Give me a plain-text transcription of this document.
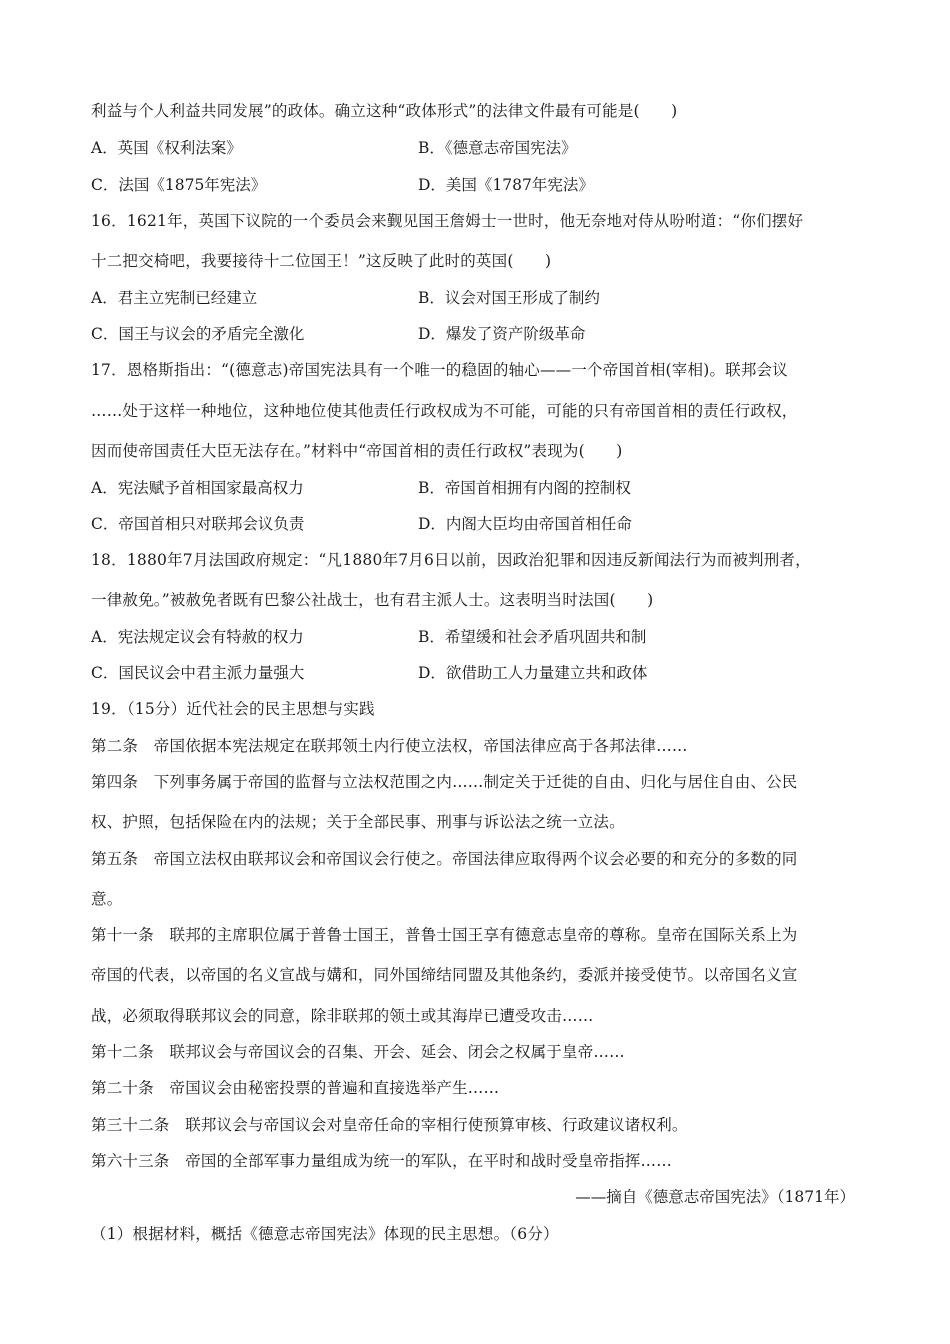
利益与个人利益共同发展”的政体。确立这种“政体形式”的法律文件最有可能是(　　)
A．英国《权利法案》	B．《德意志帝国宪法》
C．法国《1875年宪法》	D．美国《1787年宪法》
16．1621年，英国下议院的一个委员会来觐见国王詹姆士一世时，他无奈地对侍从吩咐道：“你们摆好
十二把交椅吧，我要接待十二位国王！”这反映了此时的英国(　　)
A．君主立宪制已经建立	B．议会对国王形成了制约
C．国王与议会的矛盾完全激化	D．爆发了资产阶级革命
17．恩格斯指出：“(德意志)帝国宪法具有一个唯一的稳固的轴心——一个帝国首相(宰相)。联邦会议
……处于这样一种地位，这种地位使其他责任行政权成为不可能，可能的只有帝国首相的责任行政权，
因而使帝国责任大臣无法存在。”材料中“帝国首相的责任行政权”表现为(　　)
A．宪法赋予首相国家最高权力	B．帝国首相拥有内阁的控制权
C．帝国首相只对联邦会议负责	D．内阁大臣均由帝国首相任命
18．1880年7月法国政府规定：“凡1880年7月6日以前，因政治犯罪和因违反新闻法行为而被判刑者，
一律赦免。”被赦免者既有巴黎公社战士，也有君主派人士。这表明当时法国(　　)
A．宪法规定议会有特赦的权力	B．希望缓和社会矛盾巩固共和制
C．国民议会中君主派力量强大	D．欲借助工人力量建立共和政体
19．（15分）近代社会的民主思想与实践
第二条　帝国依据本宪法规定在联邦领土内行使立法权，帝国法律应高于各邦法律……
第四条　下列事务属于帝国的监督与立法权范围之内……制定关于迁徙的自由、归化与居住自由、公民
权、护照，包括保险在内的法规；关于全部民事、刑事与诉讼法之统一立法。
第五条　帝国立法权由联邦议会和帝国议会行使之。帝国法律应取得两个议会必要的和充分的多数的同
意。
第十一条　联邦的主席职位属于普鲁士国王，普鲁士国王享有德意志皇帝的尊称。皇帝在国际关系上为
帝国的代表，以帝国的名义宣战与媾和，同外国缔结同盟及其他条约，委派并接受使节。以帝国名义宣
战，必须取得联邦议会的同意，除非联邦的领土或其海岸已遭受攻击……
第十二条　联邦议会与帝国议会的召集、开会、延会、闭会之权属于皇帝……
第二十条　帝国议会由秘密投票的普遍和直接选举产生……
第三十二条　联邦议会与帝国议会对皇帝任命的宰相行使预算审核、行政建议诸权利。
第六十三条　帝国的全部军事力量组成为统一的军队，在平时和战时受皇帝指挥……
——摘自《德意志帝国宪法》（1871年）
（1）根据材料，概括《德意志帝国宪法》体现的民主思想。（6分）
